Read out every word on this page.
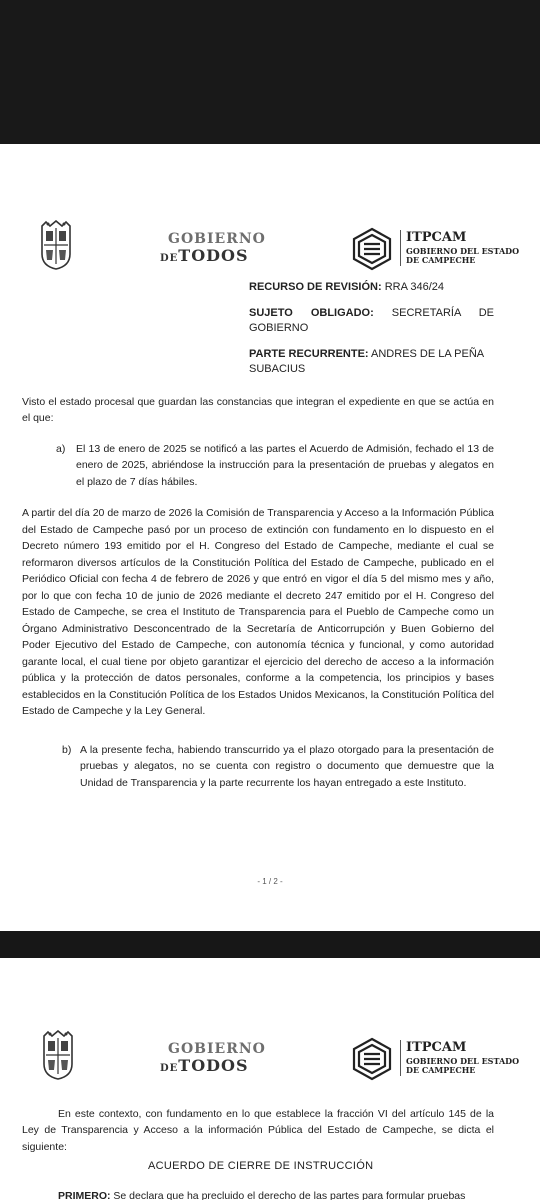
GOBIERNO
DETODOS
ITPCAM
GOBIERNO DEL ESTADO
DE CAMPECHE
RECURSO DE REVISIÓN: RRA 346/24
SUJETO OBLIGADO: SECRETARÍA DE GOBIERNO
PARTE RECURRENTE: ANDRES DE LA PEÑA SUBACIUS
Visto el estado procesal que guardan las constancias que integran el expediente en que se actúa en el que:
a) El 13 de enero de 2025 se notificó a las partes el Acuerdo de Admisión, fechado el 13 de enero de 2025, abriéndose la instrucción para la presentación de pruebas y alegatos en el plazo de 7 días hábiles.
A partir del día 20 de marzo de 2026 la Comisión de Transparencia y Acceso a la Información Pública del Estado de Campeche pasó por un proceso de extinción con fundamento en lo dispuesto en el Decreto número 193 emitido por el H. Congreso del Estado de Campeche, mediante el cual se reformaron diversos artículos de la Constitución Política del Estado de Campeche, publicado en el Periódico Oficial con fecha 4 de febrero de 2026 y que entró en vigor el día 5 del mismo mes y año, por lo que con fecha 10 de junio de 2026 mediante el decreto 247 emitido por el H. Congreso del Estado de Campeche, se crea el Instituto de Transparencia para el Pueblo de Campeche como un Órgano Administrativo Desconcentrado de la Secretaría de Anticorrupción y Buen Gobierno del Poder Ejecutivo del Estado de Campeche, con autonomía técnica y funcional, y como autoridad garante local, el cual tiene por objeto garantizar el ejercicio del derecho de acceso a la información pública y la protección de datos personales, conforme a la competencia, los principios y bases establecidos en la Constitución Política de los Estados Unidos Mexicanos, la Constitución Política del Estado de Campeche y la Ley General.
b) A la presente fecha, habiendo transcurrido ya el plazo otorgado para la presentación de pruebas y alegatos, no se cuenta con registro o documento que demuestre que la Unidad de Transparencia y la parte recurrente los hayan entregado a este Instituto.
- 1 / 2 -
GOBIERNO
DETODOS
ITPCAM
GOBIERNO DEL ESTADO
DE CAMPECHE
En este contexto, con fundamento en lo que establece la fracción VI del artículo 145 de la Ley de Transparencia y Acceso a la información Pública del Estado de Campeche, se dicta el siguiente:
ACUERDO DE CIERRE DE INSTRUCCIÓN
PRIMERO: Se declara que ha precluido el derecho de las partes para formular pruebas
